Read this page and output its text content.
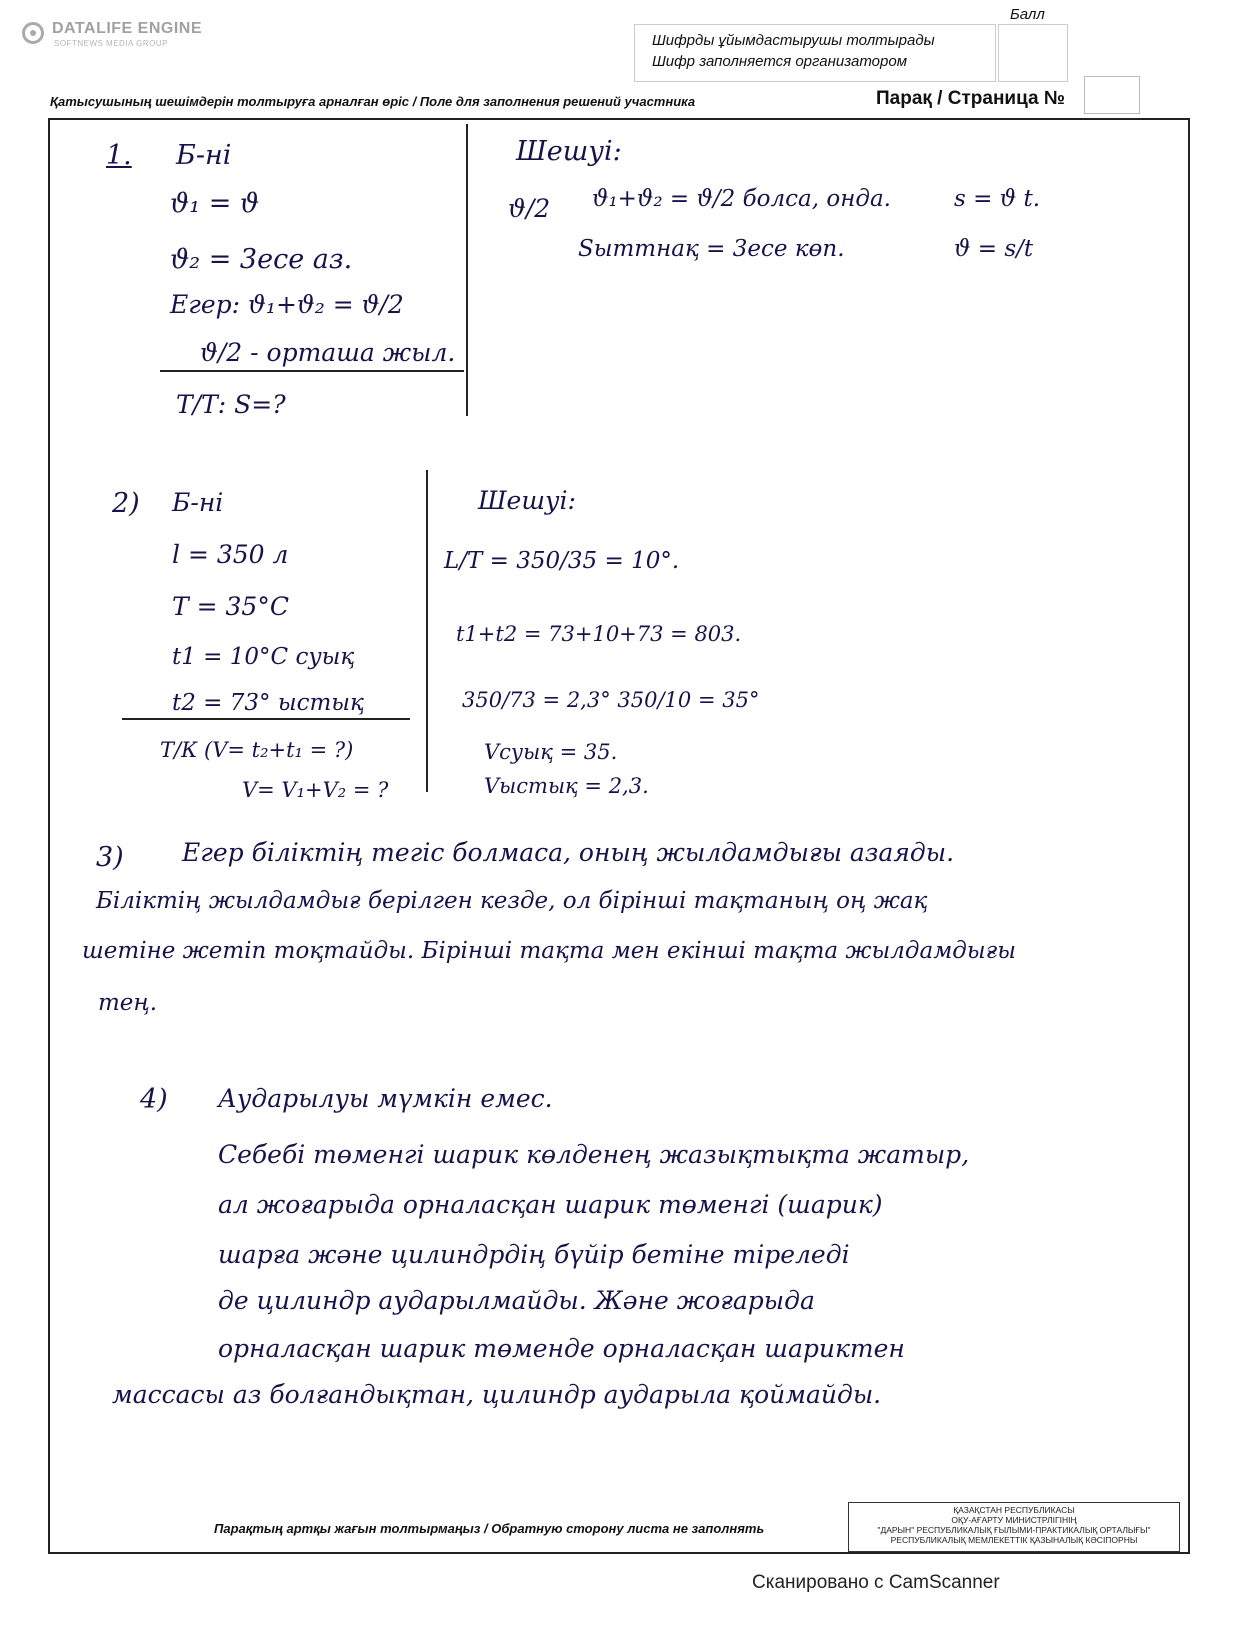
DATALIFE ENGINE
SOFTNEWS MEDIA GROUP
Балл
Шифрды ұйымдастырушы толтырады
Шифр заполняется организатором
Қатысушының шешімдерін толтыруға арналған өріс / Поле для заполнения решений участника	Парақ / Страница №
1. Б-ні
ϑ₁ = ϑ
ϑ₂ = 3есе аз.
Егер: ϑ₁+ϑ₂ = ϑ/2
ϑ/2 - орташа жыл.
Т/Т: S=?
Шешуі:
ϑ/2 ϑ₁+ϑ₂ = ϑ/2 болса, онда.
Sыттнақ = 3есе көп.
s = ϑ t.
ϑ = s/t
2) Б-ні
l = 350 л
T = 35°C
t1 = 10°C суық
t2 = 73° ыстық
Т/К (V= t₂+t₁ = ?)
V= V₁+V₂ = ?
Шешуі:
L/T = 350/35 = 10°.
t1+t2 = 73+10+73 = 803.
350/73 = 2,3° 350/10 = 35°
Vсуық = 35.
Vыстық = 2,3.
3) Егер біліктің тегіс болмаса, оның жылдамдығы азаяды.
Біліктің жылдамдығ берілген кезде, ол бірінші тақтаның оң жақ
шетіне жетіп тоқтайды. Бірінші тақта мен екінші тақта жылдамдығы
тең.
4) Аударылуы мүмкін емес.
Себебі төменгі шарик көлденең жазықтықта жатыр,
ал жоғарыда орналасқан шарик төменгі (шарик)
шарға және цилиндрдің бүйір бетіне тіреледі
де цилиндр аударылмайды. Және жоғарыда
орналасқан шарик төменде орналасқан шариктен
массасы аз болғандықтан, цилиндр аударыла қоймайды.
Парақтың артқы жағын толтырмаңыз / Обратную сторону листа не заполнять
ҚАЗАҚСТАН РЕСПУБЛИКАСЫ
ОҚУ-АҒАРТУ МИНИСТРЛІГІНІҢ
"ДАРЫН" РЕСПУБЛИКАЛЫҚ ҒЫЛЫМИ-ПРАКТИКАЛЫҚ ОРТАЛЫҒЫ"
РЕСПУБЛИКАЛЫҚ МЕМЛЕКЕТТІК ҚАЗЫНАЛЫҚ КӘСІПОРНЫ
Сканировано с CamScanner
